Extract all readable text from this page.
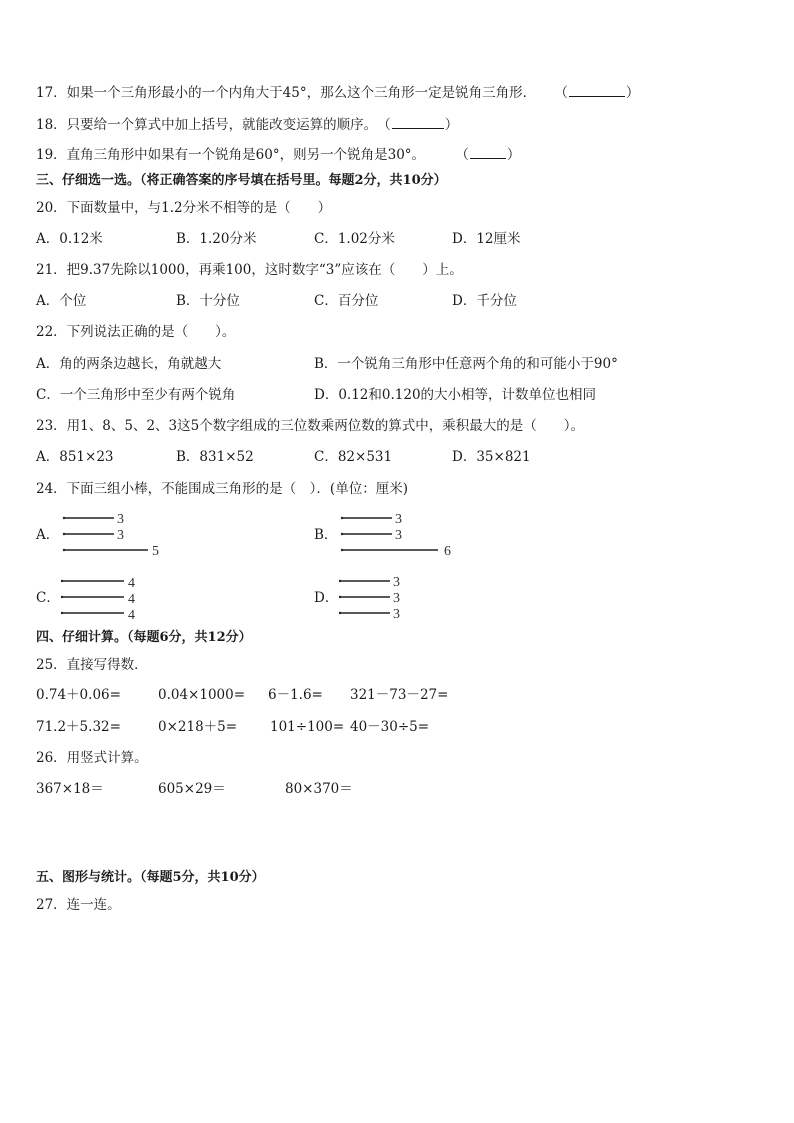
17．如果一个三角形最小的一个内角大于45°，那么这个三角形一定是锐角三角形． （	）
18．只要给一个算式中加上括号，就能改变运算的顺序。（	）
19．直角三角形中如果有一个锐角是60°，则另一个锐角是30°。 （	）
三、仔细选一选。（将正确答案的序号填在括号里。每题2分，共10分）
20．下面数量中，与1.2分米不相等的是（　　）
A．0.12米	B．1.20分米	C．1.02分米	D．12厘米
21．把9.37先除以1000，再乘100，这时数字“3”应该在（　　）上。
A．个位	B．十分位	C．百分位	D．千分位
22．下列说法正确的是（　　）。
A．角的两条边越长，角就越大	B．一个锐角三角形中任意两个角的和可能小于90°
C．一个三角形中至少有两个锐角	D．0.12和0.120的大小相等，计数单位也相同
23．用1、8、5、2、3这5个数字组成的三位数乘两位数的算式中，乘积最大的是（　　）。
A．851×23	B．831×52	C．82×531	D．35×821
24．下面三组小棒，不能围成三角形的是（　）．(单位：厘米)
A．
3
3
5
B．
3
3
6
C．
4
4
4
D．
3
3
3
四、仔细计算。（每题6分，共12分）
25．直接写得数．
0.74＋0.06=	0.04×1000= 6－1.6= 321－73－27=
71.2＋5.32=	0×218＋5= 101÷100= 40－30÷5=
26．用竖式计算。
367×18＝	605×29＝	80×370＝
五、图形与统计。（每题5分，共10分）
27．连一连。
